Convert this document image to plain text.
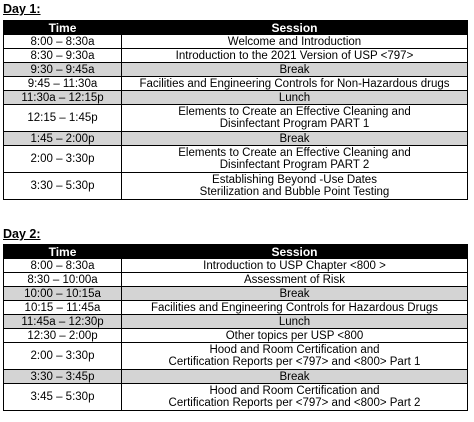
Day 1:
Time	Session
8:00 – 8:30a	Welcome and Introduction

8:30 – 9:30a	Introduction to the 2021 Version of USP <797>

9:30 – 9:45a	Break

9:45 – 11:30a	Facilities and Engineering Controls for Non-Hazardous drugs

11:30a – 12:15p	Lunch

12:15 – 1:45p	Elements to Create an Effective Cleaning and
Disinfectant Program PART 1

1:45 – 2:00p	Break

2:00 – 3:30p	Elements to Create an Effective Cleaning and
Disinfectant Program PART 2

3:30 – 5:30p	Establishing Beyond -Use Dates
Sterilization and Bubble Point Testing
Day 2:
Time	Session
8:00 – 8:30a	Introduction to USP Chapter <800 >

8:30 – 10:00a	Assessment of Risk

10:00 – 10:15a	Break

10:15 – 11:45a	Facilities and Engineering Controls for Hazardous Drugs

11:45a – 12:30p	Lunch

12:30 – 2:00p	Other topics per USP <800

2:00 – 3:30p	Hood and Room Certification and
Certification Reports per <797> and <800> Part 1

3:30 – 3:45p	Break

3:45 – 5:30p	Hood and Room Certification and
Certification Reports per <797> and <800> Part 2
